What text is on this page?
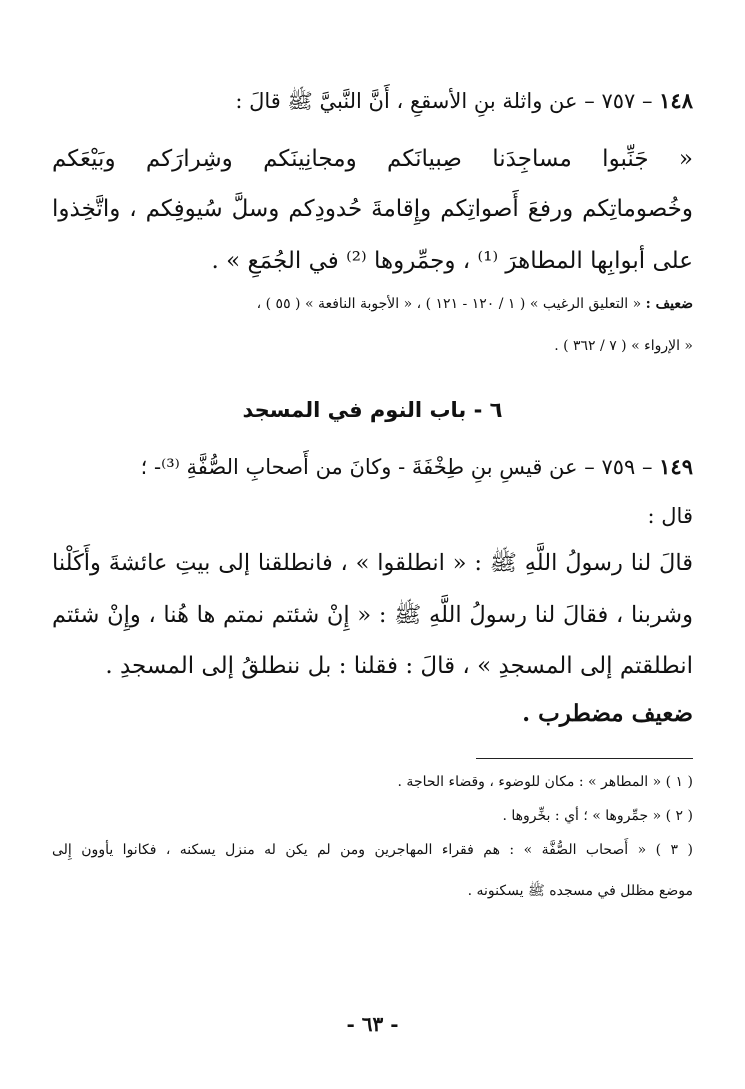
١٤٨ – ٧٥٧ – عن واثلة بنِ الأسقعِ ، أَنَّ النَّبيَّ ﷺ قالَ :
« جَنِّبوا مساجِدَنا صِبيانَكم ومجانِينَكم وشِرارَكم وبَيْعَكم
وخُصوماتِكم ورفعَ أَصواتِكم وإِقامةَ حُدودِكم وسلَّ سُيوفِكم ، واتَّخِذوا
على أبوابِها المطاهرَ ⁽¹⁾ ، وجمِّروها ⁽²⁾ في الجُمَعِ » .
ضعيف : « التعليق الرغيب » ( ١ / ١٢٠ - ١٢١ ) ، « الأجوبة النافعة » ( ٥٥ ) ،
« الإرواء » ( ٧ / ٣٦٢ ) .
٦ - باب النوم في المسجد
١٤٩ – ٧٥٩ – عن قيسِ بنِ طِخْفَةَ - وكانَ من أَصحابِ الصُّفَّةِ ⁽³⁾- ؛
قال :
قالَ لنا رسولُ اللَّهِ ﷺ : « انطلقوا » ، فانطلقنا إلى بيتِ عائشةَ وأَكَلْنا
وشربنا ، فقالَ لنا رسولُ اللَّهِ ﷺ : « إِنْ شئتم نمتم ها هُنا ، وإِنْ شئتم
انطلقتم إلى المسجدِ » ، قالَ : فقلنا : بل ننطلقُ إلى المسجدِ .
ضعيف مضطرب .
( ١ ) « المطاهر » : مكان للوضوء ، وقضاء الحاجة .
( ٢ ) « جمِّروها » ؛ أي : بخِّروها .
( ٣ ) « أَصحاب الصُّفَّة » : هم فقراء المهاجرين ومن لم يكن له منزل يسكنه ، فكانوا يأوون إِلى
موضع مظلل في مسجده ﷺ يسكنونه .
- ٦٣ -
